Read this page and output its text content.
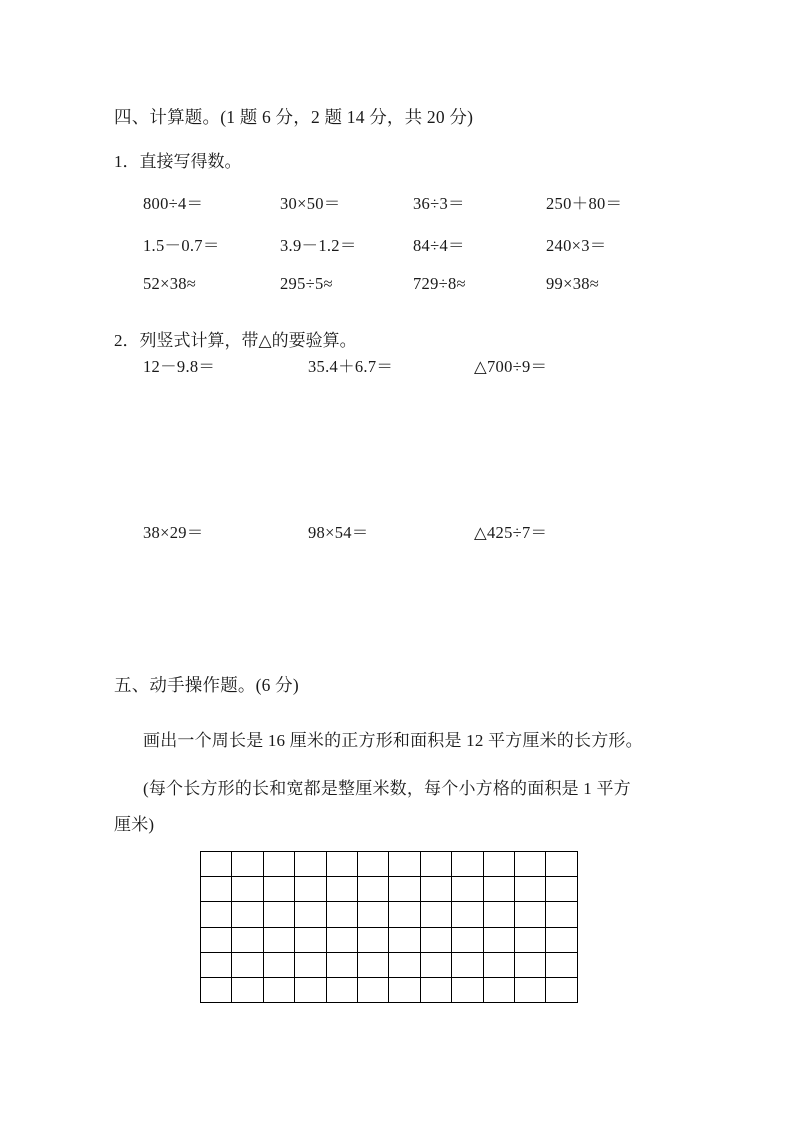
四、计算题。(1 题 6 分，2 题 14 分，共 20 分)
1．直接写得数。
800÷4＝	30×50＝	36÷3＝	250＋80＝
1.5－0.7＝	3.9－1.2＝	84÷4＝	240×3＝
52×38≈	295÷5≈	729÷8≈	99×38≈
2．列竖式计算，带△的要验算。
12－9.8＝	35.4＋6.7＝	△700÷9＝
38×29＝	98×54＝	△425÷7＝
五、动手操作题。(6 分)
画出一个周长是 16 厘米的正方形和面积是 12 平方厘米的长方形。
(每个长方形的长和宽都是整厘米数，每个小方格的面积是 1 平方
厘米)
